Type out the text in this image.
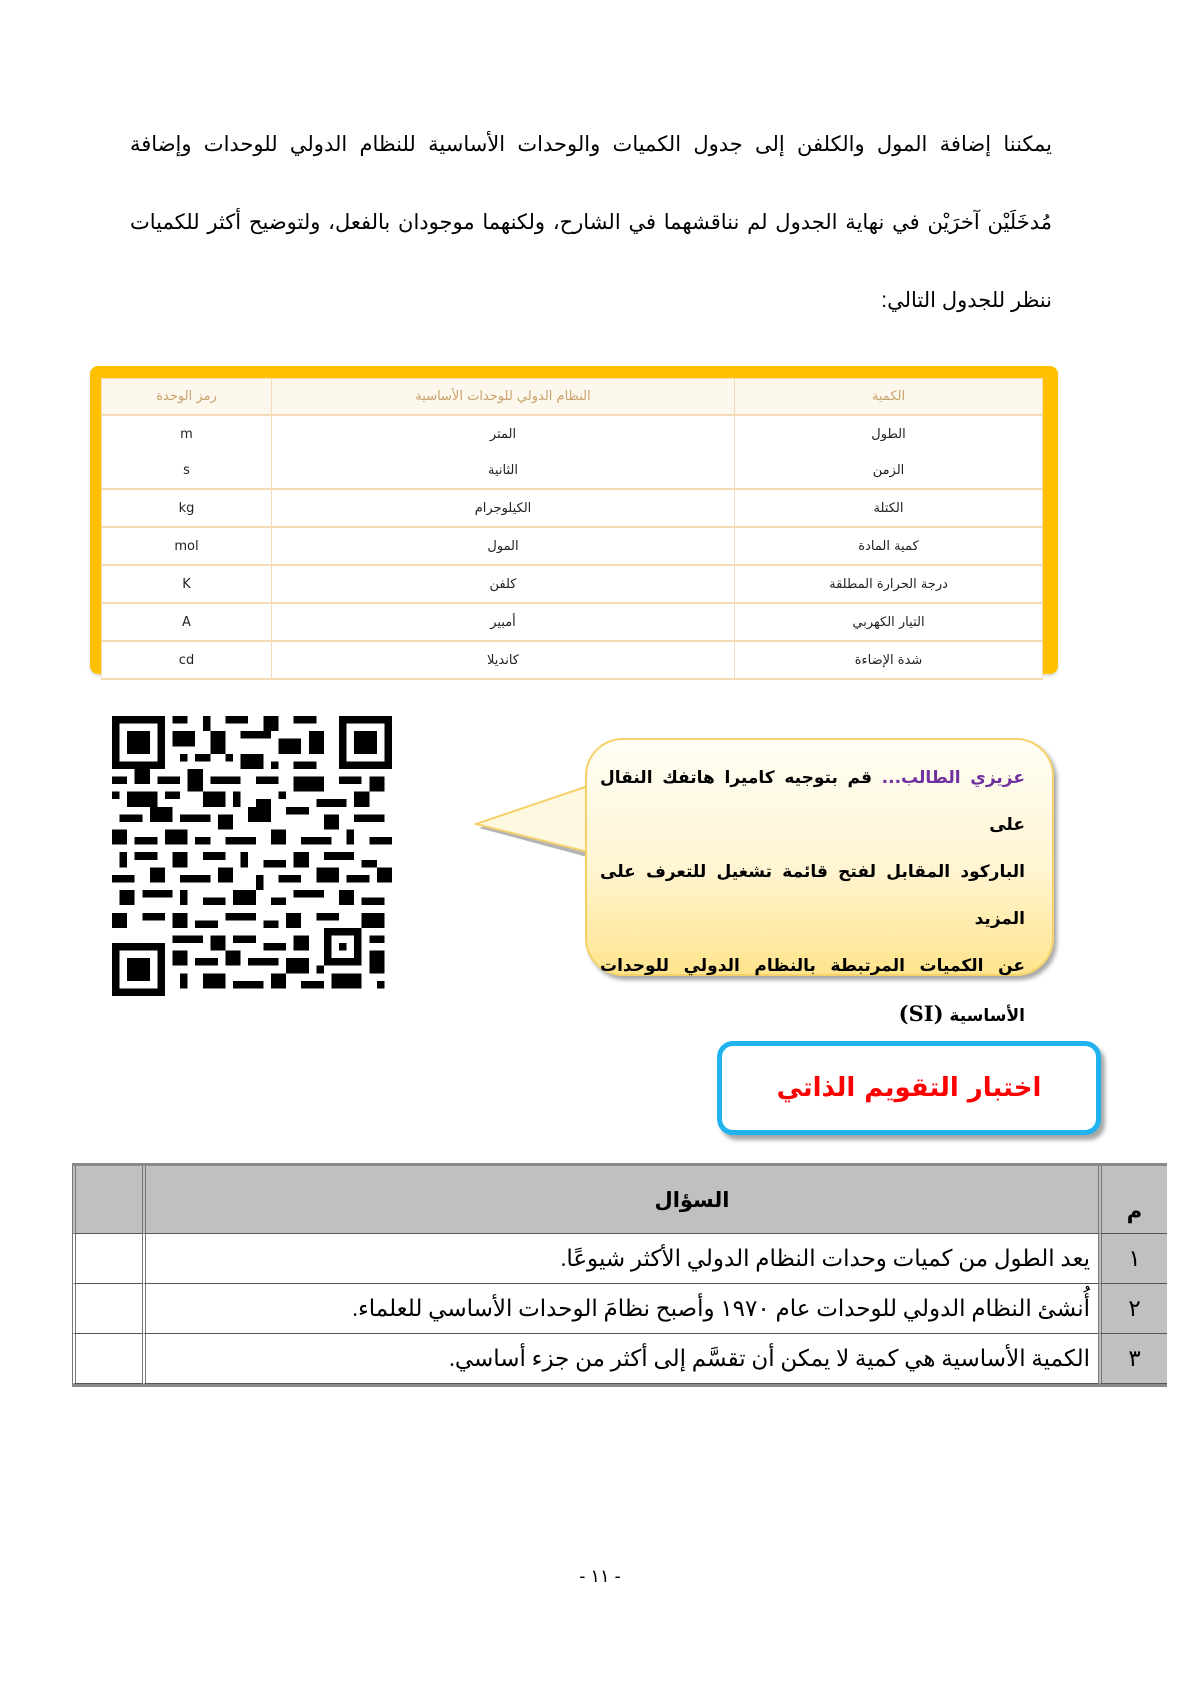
يمكننا إضافة المول والكلفن إلى جدول الكميات والوحدات الأساسية للنظام الدولي للوحدات وإضافة

مُدخَلَيْن آخرَيْن في نهاية الجدول لم نناقشهما في الشارح، ولكنهما موجودان بالفعل، ولتوضيح أكثر للكميات

ننظر للجدول التالي:

الكمية	النظام الدولي للوحدات الأساسية	رمز الوحدة
الطول	المتر	m
الزمن	الثانية	s
الكتلة	الكيلوجرام	kg
كمية المادة	المول	mol
درجة الحرارة المطلقة	كلفن	K
التيار الكهربي	أمبير	A
شدة الإضاءة	كانديلا	cd
عزيزي الطالب... قم بتوجيه كاميرا هاتفك النقال على
الباركود المقابل لفتح قائمة تشغيل للتعرف على المزيد
عن الكميات المرتبطة بالنظام الدولي للوحدات
الأساسية (SI)
اختبار التقويم الذاتي
م	السؤال		
١	يعد الطول من كميات وحدات النظام الدولي الأكثر شيوعًا.		
٢	أُنشئ النظام الدولي للوحدات عام ١٩٧٠ وأصبح نظامَ الوحدات الأساسي للعلماء.		
٣	الكمية الأساسية هي كمية لا يمكن أن تقسَّم إلى أكثر من جزء أساسي.		
- ١١ -
